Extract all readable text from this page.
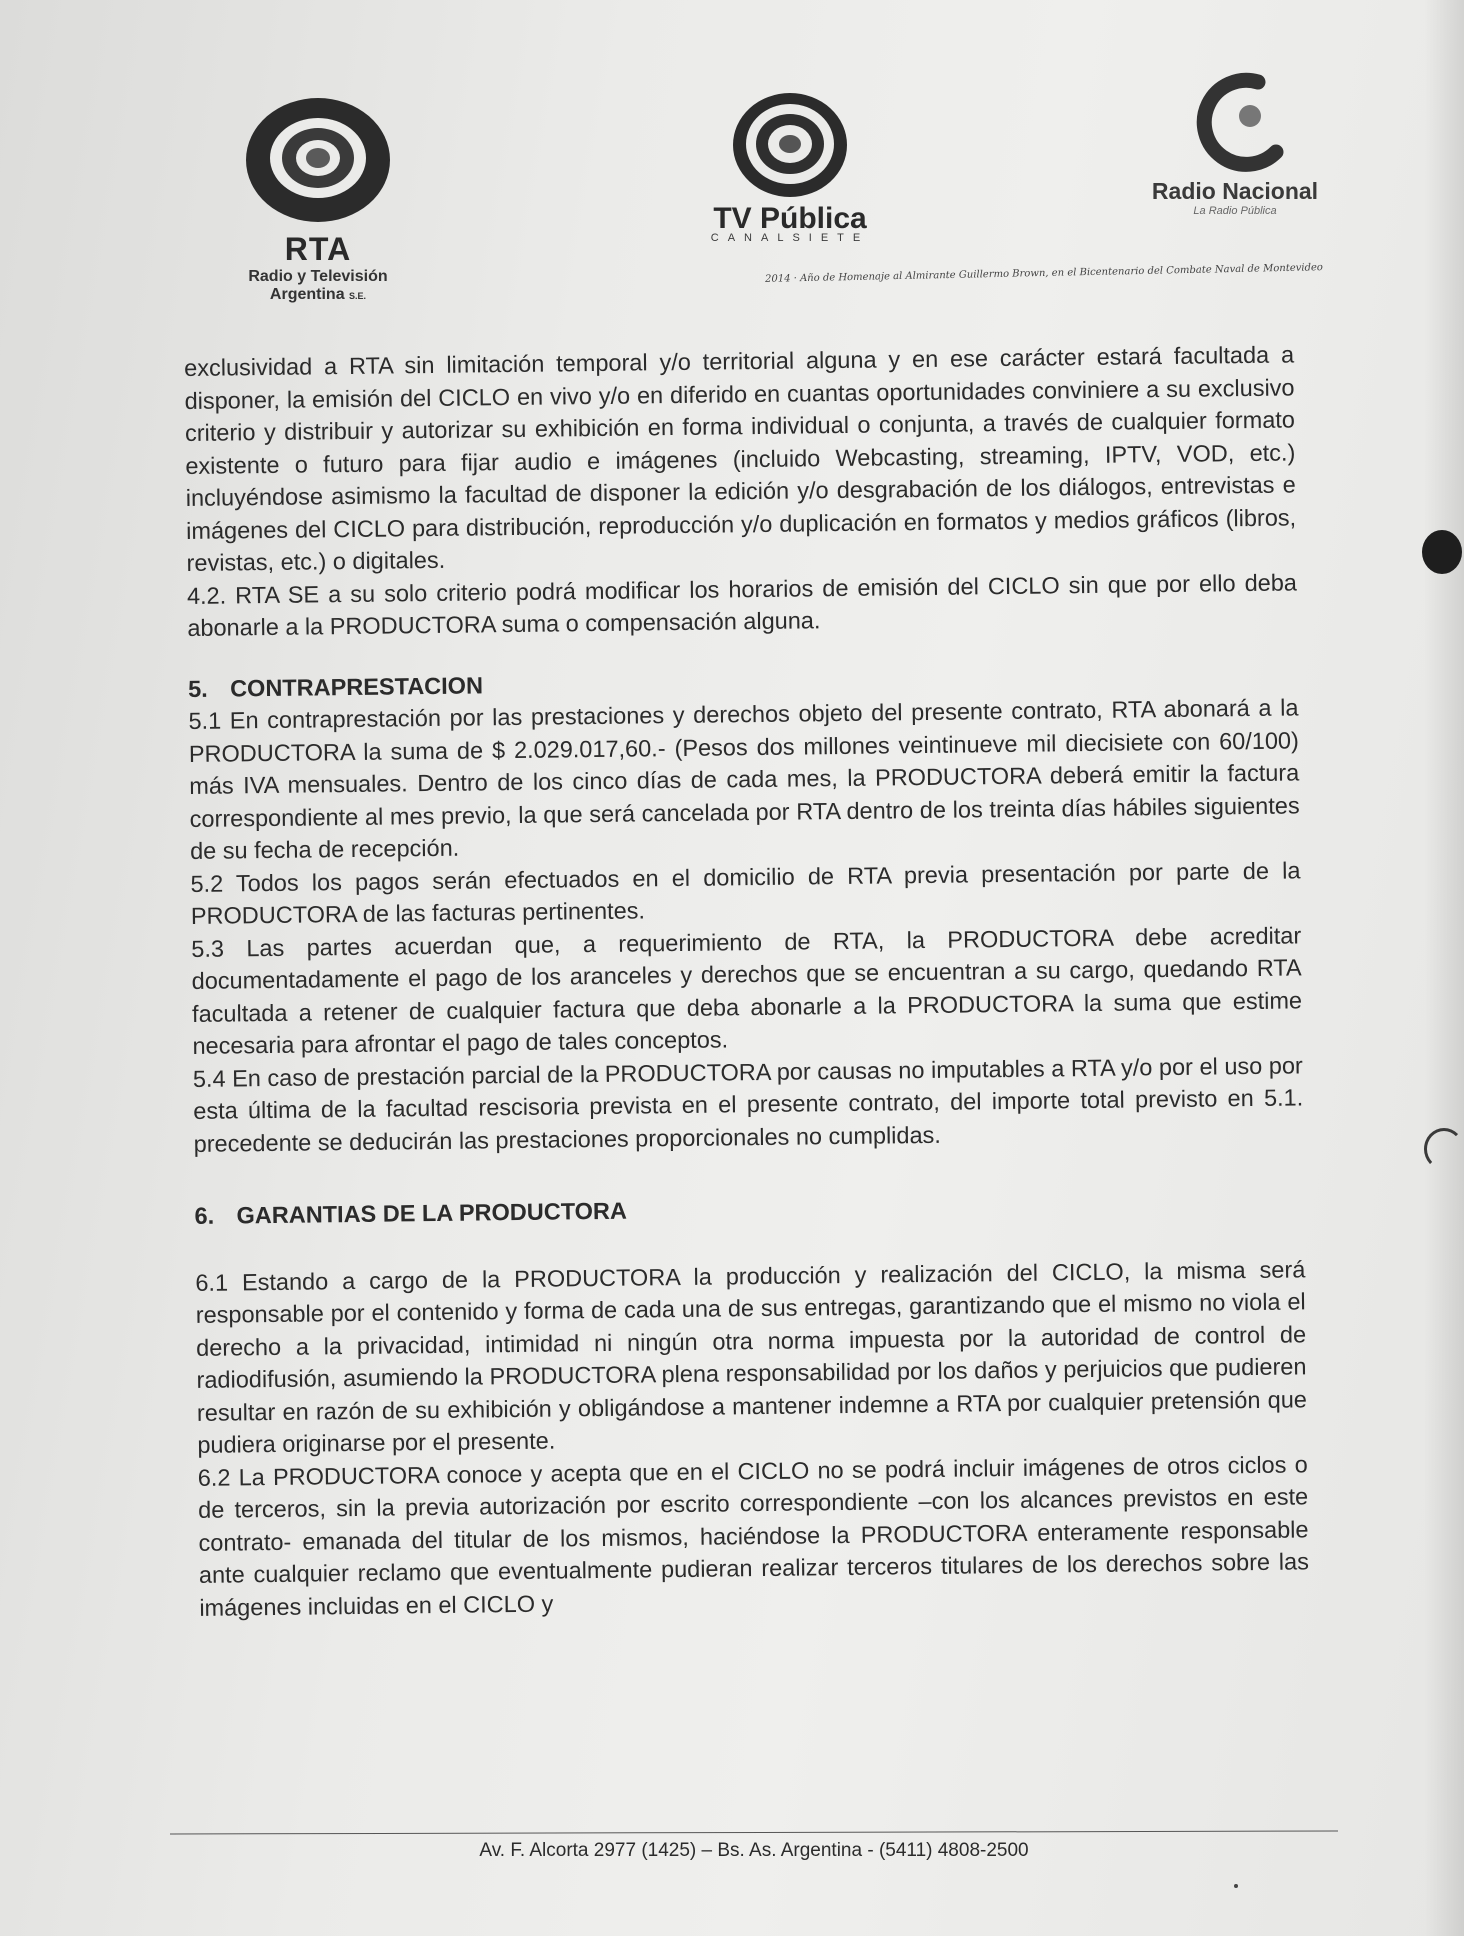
RTA
Radio y Televisión
Argentina S.E.
TV Pública
CANALSIETE
Radio Nacional
La Radio Pública
2014 · Año de Homenaje al Almirante Guillermo Brown, en el Bicentenario del Combate Naval de Montevideo

exclusividad a RTA sin limitación temporal y/o territorial alguna y en ese carácter estará facultada a disponer, la emisión del CICLO en vivo y/o en diferido en cuantas oportunidades conviniere a su exclusivo criterio y distribuir y autorizar su exhibición en forma individual o conjunta, a través de cualquier formato existente o futuro para fijar audio e imágenes (incluido Webcasting, streaming, IPTV, VOD, etc.) incluyéndose asimismo la facultad de disponer la edición y/o desgrabación de los diálogos, entrevistas e imágenes del CICLO para distribución, reproducción y/o duplicación en formatos y medios gráficos (libros, revistas, etc.) o digitales.

4.2. RTA SE a su solo criterio podrá modificar los horarios de emisión del CICLO sin que por ello deba abonarle a la PRODUCTORA suma o compensación alguna.

5. CONTRAPRESTACION

5.1 En contraprestación por las prestaciones y derechos objeto del presente contrato, RTA abonará a la PRODUCTORA la suma de $ 2.029.017,60.- (Pesos dos millones veintinueve mil diecisiete con 60/100) más IVA mensuales. Dentro de los cinco días de cada mes, la PRODUCTORA deberá emitir la factura correspondiente al mes previo, la que será cancelada por RTA dentro de los treinta días hábiles siguientes de su fecha de recepción.

5.2 Todos los pagos serán efectuados en el domicilio de RTA previa presentación por parte de la PRODUCTORA de las facturas pertinentes.

5.3 Las partes acuerdan que, a requerimiento de RTA, la PRODUCTORA debe acreditar documentadamente el pago de los aranceles y derechos que se encuentran a su cargo, quedando RTA facultada a retener de cualquier factura que deba abonarle a la PRODUCTORA la suma que estime necesaria para afrontar el pago de tales conceptos.

5.4 En caso de prestación parcial de la PRODUCTORA por causas no imputables a RTA y/o por el uso por esta última de la facultad rescisoria prevista en el presente contrato, del importe total previsto en 5.1. precedente se deducirán las prestaciones proporcionales no cumplidas.

6. GARANTIAS DE LA PRODUCTORA

6.1 Estando a cargo de la PRODUCTORA la producción y realización del CICLO, la misma será responsable por el contenido y forma de cada una de sus entregas, garantizando que el mismo no viola el derecho a la privacidad, intimidad ni ningún otra norma impuesta por la autoridad de control de radiodifusión, asumiendo la PRODUCTORA plena responsabilidad por los daños y perjuicios que pudieren resultar en razón de su exhibición y obligándose a mantener indemne a RTA por cualquier pretensión que pudiera originarse por el presente.

6.2 La PRODUCTORA conoce y acepta que en el CICLO no se podrá incluir imágenes de otros ciclos o de terceros, sin la previa autorización por escrito correspondiente –con los alcances previstos en este contrato- emanada del titular de los mismos, haciéndose la PRODUCTORA enteramente responsable ante cualquier reclamo que eventualmente pudieran realizar terceros titulares de los derechos sobre las imágenes incluidas en el CICLO y

Av. F. Alcorta 2977 (1425) – Bs. As. Argentina - (5411) 4808-2500
